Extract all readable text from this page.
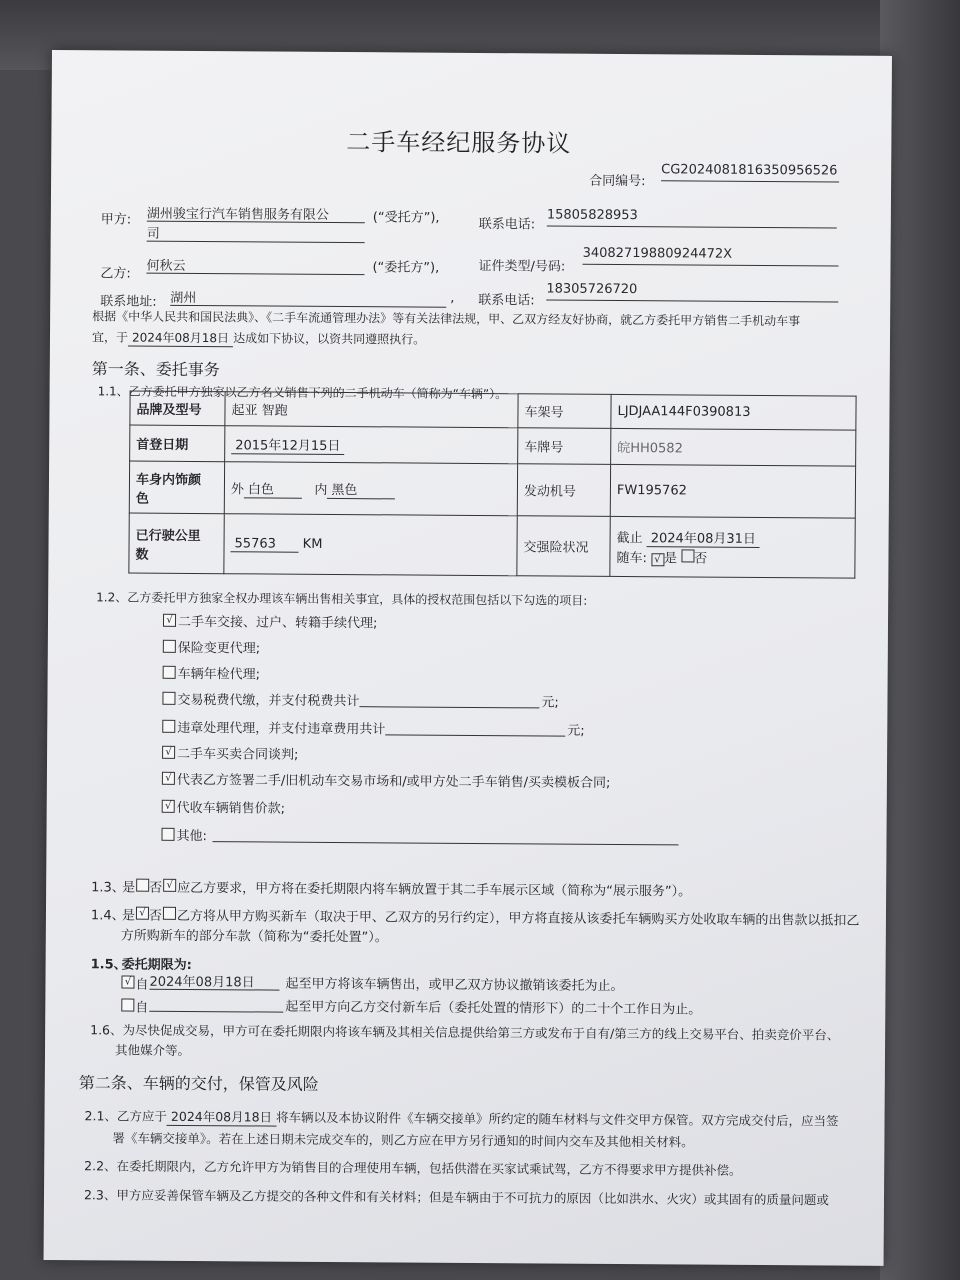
二手车经纪服务协议
合同编号:
CG2024081816350956526
甲方: 湖州骏宝行汽车销售服务有限公
司
(“受托方”),	联系电话:
15805828953
乙方:
何秋云	(“委托方”),	证件类型/号码:
340827198809244​72X
联系地址: 湖州	, 联系电话:
18305726720
根据《中华人民共和国民法典》、《二手车流通管理办法》等有关法律法规，甲、乙双方经友好协商，就乙方委托甲方销售二手机动车事
宜，于 2024年08月18日 达成如下协议，以资共同遵照执行。
第一条、委托事务
1.1、乙方委托甲方独家以乙方名义销售下列的二手机动车（简称为“车辆”）。
品牌及型号	起亚 智跑	车架号	LJDJAA144F0390813
首登日期	2015年12月15日	车牌号	皖HH0582
车身内饰颜
色	外 白色 内 黑色	发动机号	FW195762
已行驶公里
数	55763 KM	交强险状况	截止 2024年08月31日
随车: √ 是 否
1.2、乙方委托甲方独家全权办理该车辆出售相关事宜，具体的授权范围包括以下勾选的项目:
√ 二手车交接、过户、转籍手续代理;
保险变更代理;
车辆年检代理;
交易税费代缴，并支付税费共计	元;
违章处理代理，并支付违章费用共计	元;
√ 二手车买卖合同谈判;
√ 代表乙方签署二手/旧机动车交易市场和/或甲方处二手车销售/买卖模板合同;
√ 代收车辆销售价款;
其他:
1.3、
是 否 √ 应乙方要求，甲方将在委托期限内将车辆放置于其二手车展示区域（简称为“展示服务”）。
1.4、
是 √ 否 乙方将从甲方购买新车（取决于甲、乙双方的另行约定），甲方将直接从该委托车辆购买方处收取车辆的出售款以抵扣乙
方所购新车的部分车款（简称为“委托处置”）。
1.5、
委托期限为:
√ 自 2024年08月18日	起至甲方将该车辆售出，或甲乙双方协议撤销该委托为止。
自	起至甲方向乙方交付新车后（委托处置的情形下）的二十个工作日为止。
1.6、为尽快促成交易，甲方可在委托期限内将该车辆及其相关信息提供给第三方或发布于自有/第三方的线上交易平台、拍卖竞价平台、
其他媒介等。
第二条、车辆的交付，保管及风险
2.1、乙方应于 2024年08月18日 将车辆以及本协议附件《车辆交接单》所约定的随车材料与文件交甲方保管。双方完成交付后，应当签
署《车辆交接单》。若在上述日期未完成交车的，则乙方应在甲方另行通知的时间内交车及其他相关材料。
2.2、在委托期限内，乙方允许甲方为销售目的合理使用车辆，包括供潜在买家试乘试驾，乙方不得要求甲方提供补偿。
2.3、甲方应妥善保管车辆及乙方提交的各种文件和有关材料；但是车辆由于不可抗力的原因（比如洪水、火灾）或其固有的质量问题或
